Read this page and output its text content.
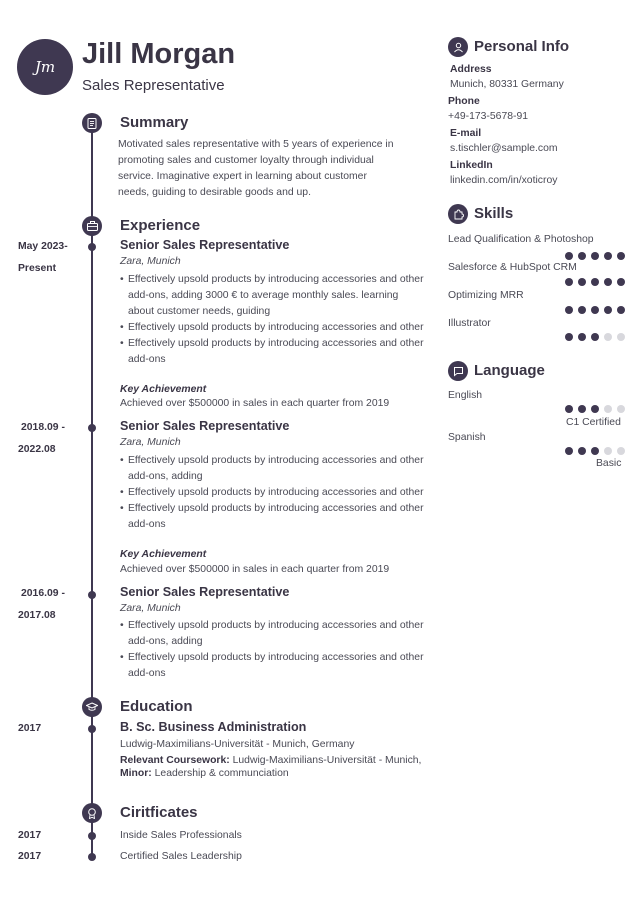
Jm Jill Morgan
Sales Representative
Summary
Motivated sales representative with 5 years of experience in
promoting sales and customer loyalty through individual
service. Imaginative expert in learning about customer
needs, guiding to desirable goods and up.
Experience
May 2023-
Present
Senior Sales Representative
Zara, Munich
• Effectively upsold products by introducing accessories and other add-ons, adding 3000 € to average monthly sales. learning about customer needs, guiding
• Effectively upsold products by introducing accessories and other
• Effectively upsold products by introducing accessories and other add-ons
Key Achievement
Achieved over $500000 in sales in each quarter from 2019
2018.09 -
2022.08
Senior Sales Representative
Zara, Munich
• Effectively upsold products by introducing accessories and other add-ons, adding
• Effectively upsold products by introducing accessories and other
• Effectively upsold products by introducing accessories and other add-ons
Key Achievement
Achieved over $500000 in sales in each quarter from 2019
2016.09 -
2017.08
Senior Sales Representative
Zara, Munich
• Effectively upsold products by introducing accessories and other add-ons, adding
• Effectively upsold products by introducing accessories and other add-ons
Education
2017	B. Sc. Business Administration
Ludwig-Maximilians-Universität - Munich, Germany
Relevant Coursework: Ludwig-Maximilians-Universität - Munich,
Minor: Leadership & communciation
Ciritficates
2017	Inside Sales Professionals
2017	Certified Sales Leadership
Personal Info
Address
Munich, 80331 Germany
Phone
+49-173-5678-91
E-mail
s.tischler@sample.com
LinkedIn
linkedin.com/in/xoticroy
Skills
Lead Qualification & Photoshop
Salesforce & HubSpot CRM
Optimizing MRR
Illustrator
Language
English
C1 Certified
Spanish
Basic
